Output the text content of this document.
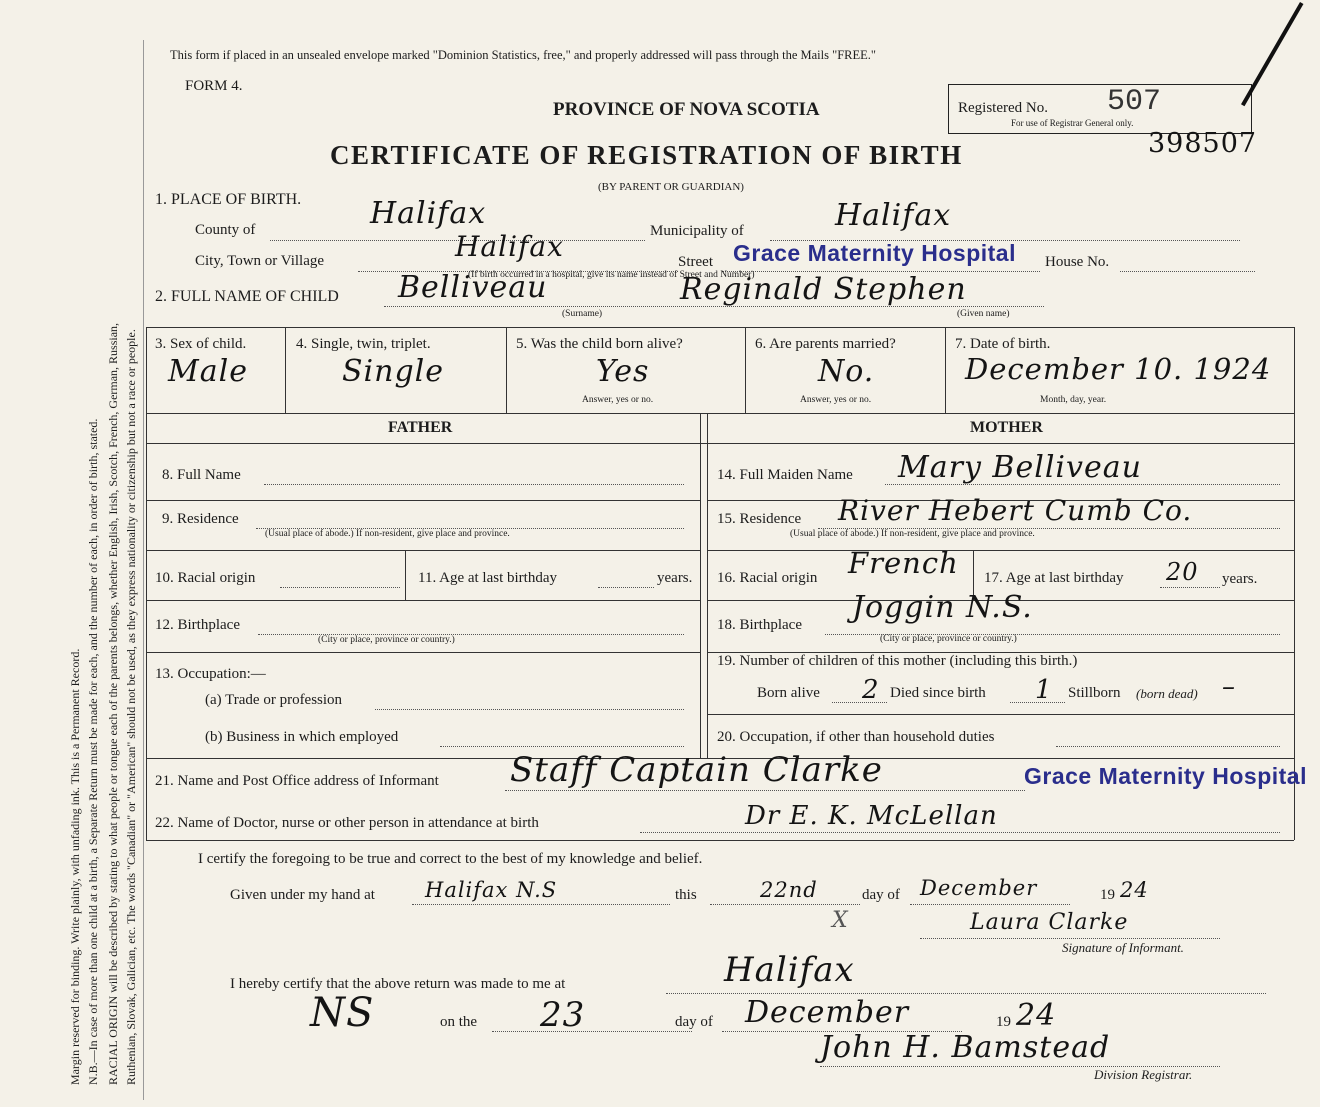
Margin reserved for binding. Write plainly, with unfading ink. This is a Permanent Record. N.B.—In case of more than one child at a birth, a Separate Return must be made for each, and the number of each, in order of birth, stated. RACIAL ORIGIN will be described by stating to what people or tongue each of the parents belongs, whether English, Irish, Scotch, French, German, Russian, Ruthenian, Slovak, Galician, etc. The words "Canadian" or "American" should not be used, as they express nationality or citizenship but not a race or people.
This form if placed in an unsealed envelope marked "Dominion Statistics, free," and properly addressed will pass through the Mails "FREE."
FORM 4.
PROVINCE OF NOVA SCOTIA
CERTIFICATE OF REGISTRATION OF BIRTH
(BY PARENT OR GUARDIAN)
Registered No. 507
For use of Registrar General only.
398507
1. PLACE OF BIRTH.
County of	Halifax	Municipality of	Halifax
City, Town or Village	Halifax	Street Grace Maternity Hospital House No.
(If birth occurred in a hospital, give its name instead of Street and Number)
2. FULL NAME OF CHILD Belliveau	Reginald Stephen
(Surname)	(Given name)
3. Sex of child.
Male
4. Single, twin, triplet.
Single
5. Was the child born alive?
Yes
Answer, yes or no.
6. Are parents married?
No.
Answer, yes or no.
7. Date of birth.
December 10. 1924
Month, day, year.
FATHER	MOTHER
8. Full Name
9. Residence
(Usual place of abode.) If non-resident, give place and province.
10. Racial origin	11. Age at last birthday	years.
12. Birthplace
(City or place, province or country.)
13. Occupation:—
(a) Trade or profession
(b) Business in which employed
14. Full Maiden Name Mary Belliveau
15. Residence River Hebert Cumb Co.
(Usual place of abode.) If non-resident, give place and province.
16. Racial origin French 17. Age at last birthday 20 years.
18. Birthplace Joggin N.S.
(City or place, province or country.)
19. Number of children of this mother (including this birth.)
Born alive 2 Died since birth 1 Stillborn (born dead) –
20. Occupation, if other than household duties
21. Name and Post Office address of Informant Staff Captain Clarke	Grace Maternity Hospital
22. Name of Doctor, nurse or other person in attendance at birth	Dr E. K. McLellan
I certify the foregoing to be true and correct to the best of my knowledge and belief.
Given under my hand at Halifax N.S	this	22nd	day of December	19 24
X	Laura Clarke
Signature of Informant.
I hereby certify that the above return was made to me at	Halifax
NS	on the 23	day of December	19 24
John H. Bamstead
Division Registrar.
